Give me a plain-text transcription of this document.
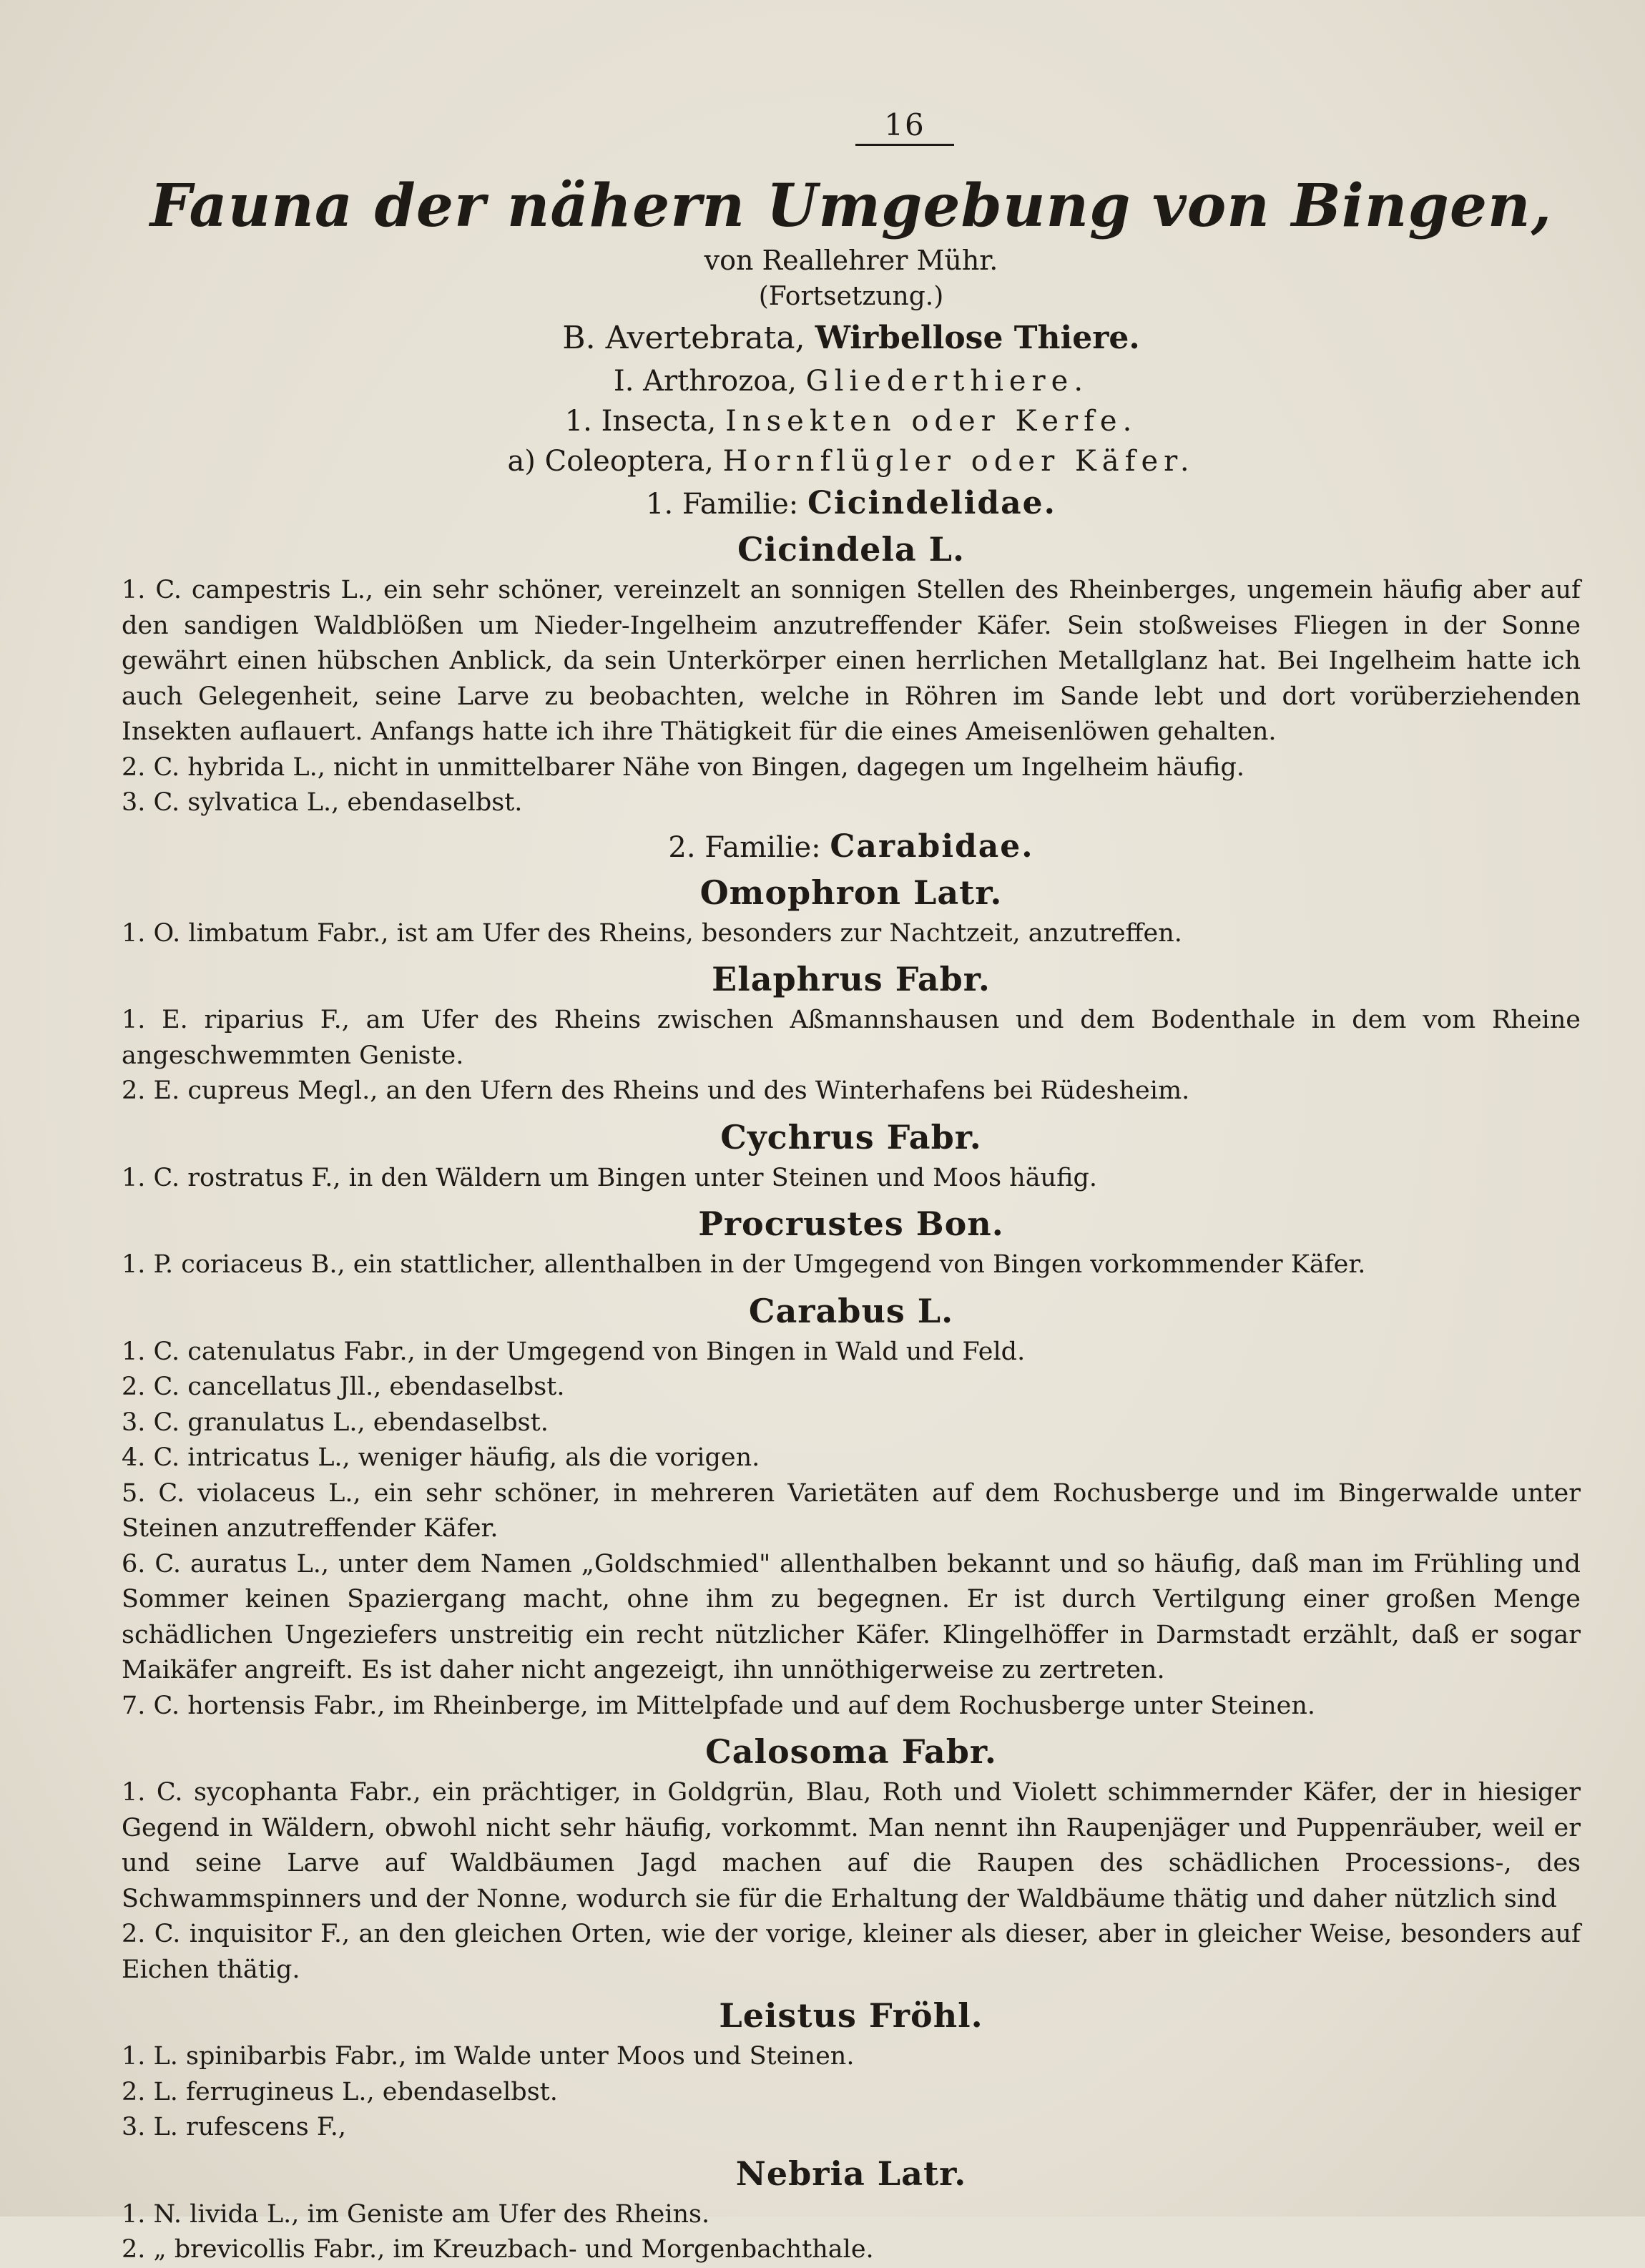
16
Fauna der nähern Umgebung von Bingen,
von Reallehrer Mühr.
(Fortsetzung.)
B. Avertebrata, Wirbellose Thiere.
I. Arthrozoa, Gliederthiere.
1. Insecta, Insekten oder Kerfe.
a) Coleoptera, Hornflügler oder Käfer.
1. Familie: Cicindelidae.
Cicindela L.

1. C. campestris L., ein sehr schöner, vereinzelt an sonnigen Stellen des Rheinberges, ungemein häufig aber auf den sandigen Waldblößen um Nieder-Ingelheim anzutreffender Käfer. Sein stoßweises Fliegen in der Sonne gewährt einen hübschen Anblick, da sein Unterkörper einen herrlichen Metallglanz hat. Bei Ingelheim hatte ich auch Gelegenheit, seine Larve zu beobachten, welche in Röhren im Sande lebt und dort vorüberziehenden Insekten auflauert. Anfangs hatte ich ihre Thätigkeit für die eines Ameisenlöwen gehalten.

2. C. hybrida L., nicht in unmittelbarer Nähe von Bingen, dagegen um Ingelheim häufig.

3. C. sylvatica L., ebendaselbst.

2. Familie: Carabidae.
Omophron Latr.

1. O. limbatum Fabr., ist am Ufer des Rheins, besonders zur Nachtzeit, anzutreffen.

Elaphrus Fabr.

1. E. riparius F., am Ufer des Rheins zwischen Aßmannshausen und dem Bodenthale in dem vom Rheine angeschwemmten Geniste.

2. E. cupreus Megl., an den Ufern des Rheins und des Winterhafens bei Rüdesheim.

Cychrus Fabr.

1. C. rostratus F., in den Wäldern um Bingen unter Steinen und Moos häufig.

Procrustes Bon.

1. P. coriaceus B., ein stattlicher, allenthalben in der Umgegend von Bingen vorkommender Käfer.

Carabus L.

1. C. catenulatus Fabr., in der Umgegend von Bingen in Wald und Feld.

2. C. cancellatus Jll., ebendaselbst.

3. C. granulatus L., ebendaselbst.

4. C. intricatus L., weniger häufig, als die vorigen.

5. C. violaceus L., ein sehr schöner, in mehreren Varietäten auf dem Rochusberge und im Bingerwalde unter Steinen anzutreffender Käfer.

6. C. auratus L., unter dem Namen „Goldschmied" allenthalben bekannt und so häufig, daß man im Frühling und Sommer keinen Spaziergang macht, ohne ihm zu begegnen. Er ist durch Vertilgung einer großen Menge schädlichen Ungeziefers unstreitig ein recht nützlicher Käfer. Klingelhöffer in Darmstadt erzählt, daß er sogar Maikäfer angreift. Es ist daher nicht angezeigt, ihn unnöthigerweise zu zertreten.

7. C. hortensis Fabr., im Rheinberge, im Mittelpfade und auf dem Rochusberge unter Steinen.

Calosoma Fabr.

1. C. sycophanta Fabr., ein prächtiger, in Goldgrün, Blau, Roth und Violett schimmernder Käfer, der in hiesiger Gegend in Wäldern, obwohl nicht sehr häufig, vorkommt. Man nennt ihn Raupenjäger und Puppenräuber, weil er und seine Larve auf Waldbäumen Jagd machen auf die Raupen des schädlichen Processions-, des Schwammspinners und der Nonne, wodurch sie für die Erhaltung der Waldbäume thätig und daher nützlich sind

2. C. inquisitor F., an den gleichen Orten, wie der vorige, kleiner als dieser, aber in gleicher Weise, besonders auf Eichen thätig.

Leistus Fröhl.

1. L. spinibarbis Fabr., im Walde unter Moos und Steinen.

2. L. ferrugineus L., ebendaselbst.

3. L. rufescens F.,

Nebria Latr.

1. N. livida L., im Geniste am Ufer des Rheins.

2. „ brevicollis Fabr., im Kreuzbach- und Morgenbachthale.
